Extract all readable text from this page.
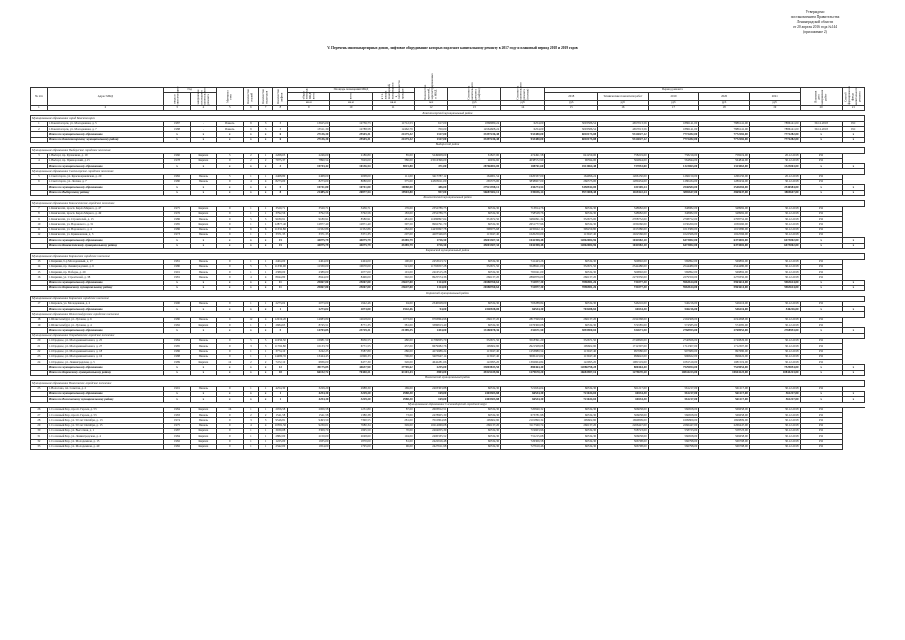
Утверждено
постановлением Правительства
Ленинградской области
от 20 апреля 2016 года №144
(приложение 2)
V. Перечень многоквартирных домов, лифтовое оборудование которых подлежит капитальному ремонту в 2017 году и плановый период 2018 и 2019 годов
№ п/п	Адрес МКД	Год		Материал стен	Количество этажей	Количество подъездов	Количество лифтов	Площадь помещений МКД			Количество жителей, зарегистрированных в МКД	Стоимость капитального ремонта (лифтов)	Стоимость капитального ремонта (полная)	Период ремонта					Плановая дата завершения работ	Способ формирования фонда капитального ремонта
		ввода в эксплуатацию	завершения последнего капитального ремонта					общая площадь МКД, всего	всего	в т.ч. жилых помещений, находящихся в собственности граждан				2018	Технические показатели работ	2019	2020	2021		
								кв.м	кв.м	кв.м	чел	руб	руб	руб	руб	руб	руб	руб		
1	2	3	4	5	6	7	8	9	10	11	12	13	14	15	16	17	18	19	20	21
Бокситогорский муниципальный район																				
Муниципальное образование город Бокситогорск																				
1	г. Бокситогорск, ул. Молодежная, д. 5	1987	-	Панель	9	3	3	13625,00	12756,73	11712,53	617,00	1868980,24	6254,00	3003586,54	4657013,56	1886141,00	7886141,00	7886141,00	30.12.2018	РО
2	г. Бокситогорск, ул. Молодежная, д. 7	1988	-	Панель	9	3	3	13511,30	12788,58	12462,79	700,00	14564608,24	6254,00	3003586,54	4657013,56	1886141,00	7886141,00	7886141,00	30.12.2018	РО
	Итого по муниципальному образованию	x	x	x	x	x	6	27136,30	25545,31	24175,32	1317,00	33397236,48	933480,00	6010173,08	9314027,12	7772282,00	7772282,00	7772282,00	x	x
	Итого по Бокситогорскому муниципальному району	x	x	x	x	x	6	27136,30	25545,31	24175,32	1317,00	33397236,48	933480,00	6010173,08	9314027,12	7772282,00	7772282,00	7772282,00	x	x
Выборгский район																				
Муниципальное образование Выборгское городское поселение																				
3	г. Выборг, пр. Кузнечная, д. 19	1960	Кирпич	5	2	1	2268,05	2246,00	2186,80	85,00	5249608,00	61827,00	474491,58	641259,00	758219,00	758219,00	758219,00	20.12.2018	РО	
4	г. Выборг, пр. Приморский, д.15	1978	Кирпич	9	2	2	7975,37	7890,54	7629,00	386,00	23516396,00	46934,60	4038572,90	96594,00	564844,00	564844,00	564844,00	30.12.2018	РО	
	Итого по муниципальному образованию	x	x	x	x	x	3	10743,42	10136,54	9815,80	471,00	28766004,00	108761,60	4513064,48	737853,00	1323063,00	1323063,00	1323063,00	x	x
Муниципальное образование Светогорское городское поселение																				
5	г. Светогорск, ул. Красноармейская, д. 20	1982	Панель	5	1	1	2468,80	2468,00	2008,00	111,00	3417787,12	164901,54	1620337,00	164996,24	1266150,00	1266150,00	1266150,00	20.12.2018	РО	
6	г. Светогорск, ул. Лесная, д. 7	1980	Панель	9	4	4	8273,00	8273,00	8080,00	375,00	24503611,00	265373,00	3838607,00	266573,00	1280434,00	1280434,00	1280434,00	30.12.2018	РО	
	Итого по муниципальному образованию	x	x	x	x	x	5	10741,80	10741,00	10088,00	486,00	27921398,12	430274,54	5458944,00	431569,24	2546584,00	2546584,00	2546584,00	x	x
	Итого по Выборгскому району	x	x	x	x	x	8	21485,22	20877,54	19903,80	957,00	56687402,12	539036,14	9972008,48	1169422,24	3869647,00	3869647,00	3869647,00	x	x
Кингисеппский муниципальный район																				
Муниципальное образование Кингисеппское городское поселение																				
7	г. Кингисепп, просп. Карла Маркса, д. 47	1975	Кирпич	9	1	1	3520,71	3520,71	3436,71	176,00	2352786,75	66534,30	713814,76	66534,30	348982,00	348982,00	348982,00	30.12.2018	РО	
8	г. Кингисепп, просп. Карла Маркса, д. 49	1976	Кирпич	9	1	1	3792,56	3792,56	3792,56	183,00	2352786,75	66534,30	758528,76	66534,30	348982,00	348982,00	348982,00	30.12.2018	РО	
9	г. Кингисепп, ул. Строителей, д. 15	1986	Панель	9	5	5	9180,91	9180,91	8580,91	481,00	11686897,64	331672,50	3482091,34	332673,00	2708752,00	2708752,00	2708752,00	30.12.2018	РО	
10	г. Кингисепп, ул. Воровского, д. 31	1985	Кирпич	9	1	1	12877,40	12877,40	12871,40	397,50	9962791,79	66534,30	2651777,96	66534,30	1030260,00	1030260,00	1030260,00	30.12.2018	РО	
11	г. Кингисепп, ул. Воровского, д. 4	1986	Панель	9	6	6	11332,86	11332,86	11332,86	282,00	14435697,78	398075,68	4235622,14	399259,80	1013380,00	1013380,00	1013380,00	30.12.2018	РО	
12	г. Кингисепп, ул. Крикковская, д. 3	1973	Панель	9	1	1	3371,35	3371,35	3371,35	207,00	4207346,63	113047,40	1020250,00	113047,40	1022566,00	1022566,00	1022566,00	30.12.2018	РО	
	Итого по муниципальному образованию	x	x	x	x	x	15	44075,79	44075,79	43385,79	1726,50	45001307,34	1042398,48	12862084,96	1044582,10	6473002,00	6473002,00	6473002,00	x	x
	Итого по Кингисеппскому муниципальному району	x	x	x	x	x	15	44075,79	44075,79	43385,79	1726,50	45001307,34	1042398,48	12862084,96	1044582,10	6473002,00	6473002,00	6473002,00	x	x
Киришский муниципальный район																				
Муниципальное образование Киришское городское поселение																				
13	г. Кириши, б-р Молодежный, д. 17	1981	Панель	9	1	1	2404,00	2404,00	2404,00	100,00	2453613,72	66534,30	741443,26	66534,30	569892,00	569892,00	569892,00	30.12.2018	РО	
14	г. Кириши, пр. Ленинградский, д. 6	1980	Панель	9	5	5	11330,00	11330,00	10670,00	521,00	11793057,28	332671,50	3528621,00	332671,50	2544480,00	2544480,00	2544480,00	30.12.2018	РО	
15	г. Кириши, пр. Победы, д. 29	1991	Панель	9	1	1	2389,00	2389,00	2077,00	101,00	2416515,28	66534,30	765041,00	66534,30	569892,00	569892,00	569892,00	30.12.2018	РО	
16	г. Кириши, ул. Строителей, д. 38	1981	Панель	9	4	4	8944,80	8944,00	8496,00	392,00	9925574,36	266137,20	2860876,00	266137,20	2279350,00	2279350,00	2279350,00	30.12.2018	РО	
	Итого по муниципальному образованию	x	x	x	x	x	11	25067,80	25067,00	23647,00	1114,00	26588760,64	731877,30	7896981,26	731877,30	5963614,00	5963614,00	5963614,00	x	x
	Итого по Киришскому муниципальному району	x	x	x	x	x	11	25067,80	25067,00	23647,00	1114,00	26588760,64	731877,30	7896981,26	731877,30	5963614,00	5963614,00	5963614,00	x	x
Кировский муниципальный район																				
Муниципальное образование Кировское городское поселение																				
17	г. Кировск, ул. Молодежная, д. 2	1990	Панель	9	1	1	2273,02	2073,00	1942,46	94,00	2340928,00	66534,30	703288,84	66534,30	546216,00	546216,00	546216,00	30.12.2018	РО	
	Итого по муниципальному образованию	x	x	x	x	x	1	2273,02	2073,00	1942,46	94,00	2340928,00	66534,30	703288,84	66534,30	546216,00	546216,00	546216,00	x	x
Муниципальное образование Шлиссельбургское городское поселение																				
18	г. Шлиссельбург, ул. Луговая, д. 6	1980	Панель	9	12	4	12019,20	14983,80	12618,00	1073,00	9793864,96	266137,20	2817599,96	266137,20	2194368,00	2194368,00	2194368,00	30.12.2018	РО	
19	г. Шлиссельбург, ул. Луговая, д. 4	1982	Кирпич	9	1	1	2684,65	8745,51	8771,35	381,00	3386813,40	66534,30	1076300,08	66534,30	574585,00	574585,00	574585,00	30.12.2018	РО	
	Итого по муниципальному образованию	x	x	x	x	x	5	14703,85	23729,31	21389,35	1454,00	13180678,36	332671,50	3893900,04	332671,50	2768953,00	2768953,00	2768953,00	x	x
Муниципальное образование Отрадненское городское поселение																				
20	г. Отрадное, ул. Молодежный канал, д. 25	1984	Панель	9	5	5	11656,50	10981,50	8936,55	480,00	11799835,70	332671,50	3518391,20	332671,50	2740826,00	2740826,00	2740826,00	30.12.2018	РО	
21	г. Отрадное, ул. Молодежный канал, д. 27	1985	Панель	9	3	3	11792,80	10133,70	6771,55	457,00	9679082,76	199602,90	2921508,08	199602,90	1712307,00	1712307,00	1712307,00	30.12.2018	РО	
22	г. Отрадное, ул. Молодежный канал, д. 18	1986	Панель	9	1	1	3774,10	3242,25	3587,89	286,00	4274986,24	113047,40	1253880,54	113047,40	997680,00	997680,00	997680,00	30.12.2018	РО	
23	г. Отрадное, ул. Молодежный канал, д. 16	1988	Панель	9	1	1	14480,35	13444,45	11996,33	706,00	3407647,14	113047,40	3000413,62	113047,40	996622,00	996622,00	996622,00	30.12.2018	РО	
24	г. Отрадное, ул. Ленинградская, д. 5	1989	Кирпич	12	2	2	7472,10	6836,00	6477,30	326,00	4642281,66	122095,20	1392604,84	122095,20	1081519,00	1081519,00	1081519,00	30.12.2018	РО	
	Итого по муниципальному образованию	x	x	x	x	x	12	49175,85	44637,90	37769,62	2255,00	33803833,50	880464,40	12086798,28	880464,40	7529054,00	7529054,00	7529054,00	x	x
	Итого по Кировскому муниципальному району	x	x	x	x	x	18	66152,72	70440,21	61101,43	3803,00	49325439,86	1279670,20	16683987,16	1279670,20	10844223,00	10844223,00	10844223,00	x	x
Волосовский муниципальный район																				
Муниципальное образование Волосовское городское поселение																				
25	г. Волосово, пл. Советов, д. 2	1991	Панель	9	1	1	4254,30	3229,20	2988,30	169,00	2403303,88	66534,30	721634,04	66534,30	561217,00	561217,00	561217,00	30.12.2018	РО	
	Итого по муниципальному образованию	x	x	x	x	x	1	4254,30	3229,20	2988,30	169,00	2403303,88	66534,30	721634,04	66534,30	561217,00	561217,00	561217,00	x	x
	Итого по Волосовскому муниципальному району	x	x	x	x	x	1	4254,30	3229,20	2988,30	169,00	2403303,88	66534,30	721634,04	66534,30	561217,00	561217,00	561217,00	x	x
Муниципальное образование Сосновоборский городской округ																				
26	г. Сосновый Бор, просп. Героев, д. 53	1984	Кирпич	16	1	1	2056,58	2006,58	1251,80	87,00	2603812,51	66534,30	720840,32	66534,30	566658,00	566658,00	566658,00	30.12.2018	РО	
27	г. Сосновый Бор, просп. Героев, д. 53	1983	Панель	9	2	2	1541,58	1541,58	1380,38	73,00	2478605,30	66534,30	673781,98	66534,30	566658,00	566658,00	566658,00	30.12.2018	РО	
28	г. Сосновый Бор, ул. 50 лет Октября, д. 13	1974	Панель	9	3	3	9546,81	9493,50	7390,55	281,00	7010804,98	199602,90	2101890,34	199602,90	1699809,00	1699809,00	1699809,00	30.12.2018	РО	
29	г. Сосновый Бор, ул. 50 лет Октября, д. 15	1975	Панель	9	4	4	10381,50	9230,01	7680,34	349,00	10214069,08	266137,20	3117560,74	266137,20	2266447,00	2266447,00	2266447,00	30.12.2018	РО	
30	г. Сосновый Бор, ул. Высотная, д. 1	1987	Кирпич	9	1	1	3930,08	3309,70	1995,50	70,00	2404055,39	66534,30	719603,96	66534,30	558723,00	558723,00	558723,00	30.12.2018	РО	
31	г. Сосновый Бор, ул. Ленинградская, д. 4	1984	Кирпич	9	1	1	2882,00	2150,00	2048,60	104,00	2400335,52	66534,30	731215,68	66534,30	566658,00	566658,00	566658,00	30.12.2018	РО	
32	г. Сосновый Бор, ул. Молодежная, д. 15	1982	Кирпич	9	1	1	1225,00	1935,00	1870,00	81,00	2422916,48	66534,30	726306,58	66534,30	566798,00	566798,00	566798,00	30.12.2018	РО	
33	г. Сосновый Бор, ул. Молодежная, д. 40	1982	Кирпич	9	1	1	2342,00	1954,00	1795,00	96,00	2427611,98	66534,30	727610,46	66534,30	566798,00	566798,00	566798,00	30.12.2018	РО	
